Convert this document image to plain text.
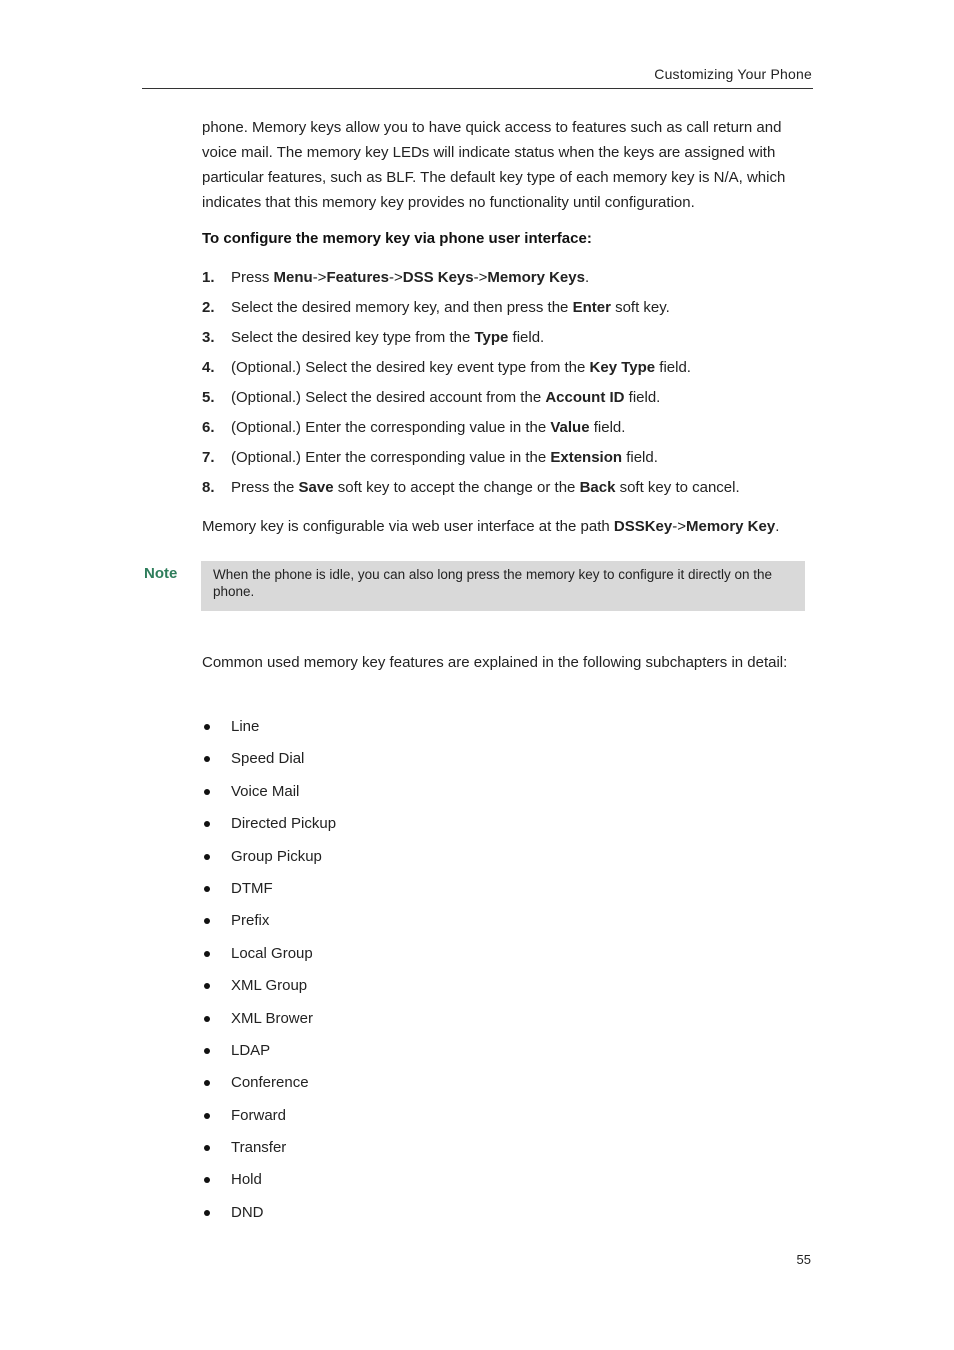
Customizing Your Phone
phone. Memory keys allow you to have quick access to features such as call return and voice mail. The memory key LEDs will indicate status when the keys are assigned with particular features, such as BLF. The default key type of each memory key is N/A, which indicates that this memory key provides no functionality until configuration.
To configure the memory key via phone user interface:
1.	Press Menu->Features->DSS Keys->Memory Keys.
2.	Select the desired memory key, and then press the Enter soft key.
3.	Select the desired key type from the Type field.
4.	(Optional.) Select the desired key event type from the Key Type field.
5.	(Optional.) Select the desired account from the Account ID field.
6.	(Optional.) Enter the corresponding value in the Value field.
7.	(Optional.) Enter the corresponding value in the Extension field.
8.	Press the Save soft key to accept the change or the Back soft key to cancel.
Memory key is configurable via web user interface at the path DSSKey->Memory Key.
Note	When the phone is idle, you can also long press the memory key to configure it directly on the phone.
Common used memory key features are explained in the following subchapters in detail:
Line
Speed Dial
Voice Mail
Directed Pickup
Group Pickup
DTMF
Prefix
Local Group
XML Group
XML Brower
LDAP
Conference
Forward
Transfer
Hold
DND
55
